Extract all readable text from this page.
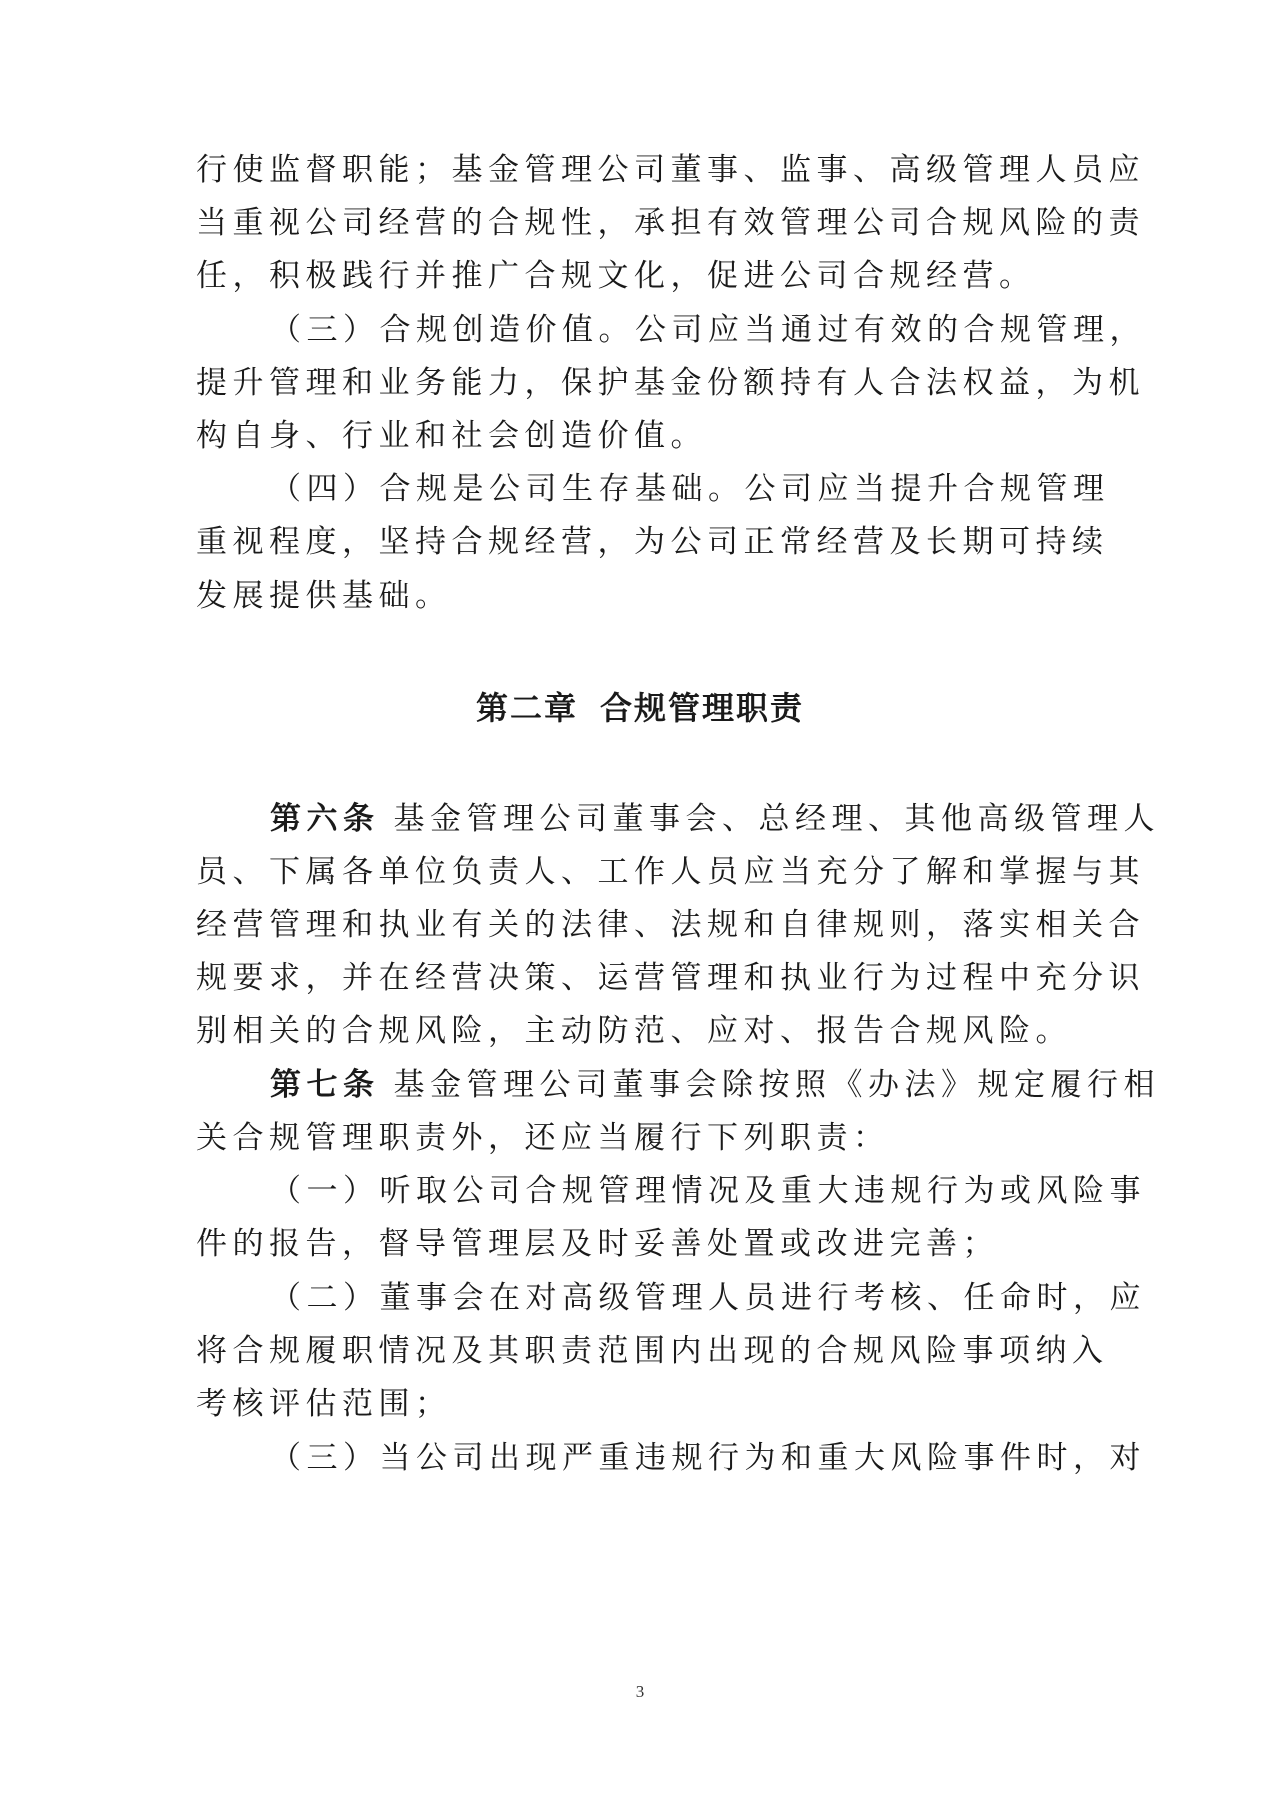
行使监督职能；基金管理公司董事、监事、高级管理人员应
当重视公司经营的合规性，承担有效管理公司合规风险的责
任，积极践行并推广合规文化，促进公司合规经营。
（三）合规创造价值。公司应当通过有效的合规管理，
提升管理和业务能力，保护基金份额持有人合法权益，为机
构自身、行业和社会创造价值。
（四）合规是公司生存基础。公司应当提升合规管理
重视程度，坚持合规经营，为公司正常经营及长期可持续
发展提供基础。
第二章 合规管理职责
第六条 基金管理公司董事会、总经理、其他高级管理人
员、下属各单位负责人、工作人员应当充分了解和掌握与其
经营管理和执业有关的法律、法规和自律规则，落实相关合
规要求，并在经营决策、运营管理和执业行为过程中充分识
别相关的合规风险，主动防范、应对、报告合规风险。
第七条 基金管理公司董事会除按照《办法》规定履行相
关合规管理职责外，还应当履行下列职责：
（一）听取公司合规管理情况及重大违规行为或风险事
件的报告，督导管理层及时妥善处置或改进完善；
（二）董事会在对高级管理人员进行考核、任命时，应
将合规履职情况及其职责范围内出现的合规风险事项纳入
考核评估范围；
（三）当公司出现严重违规行为和重大风险事件时，对
3
